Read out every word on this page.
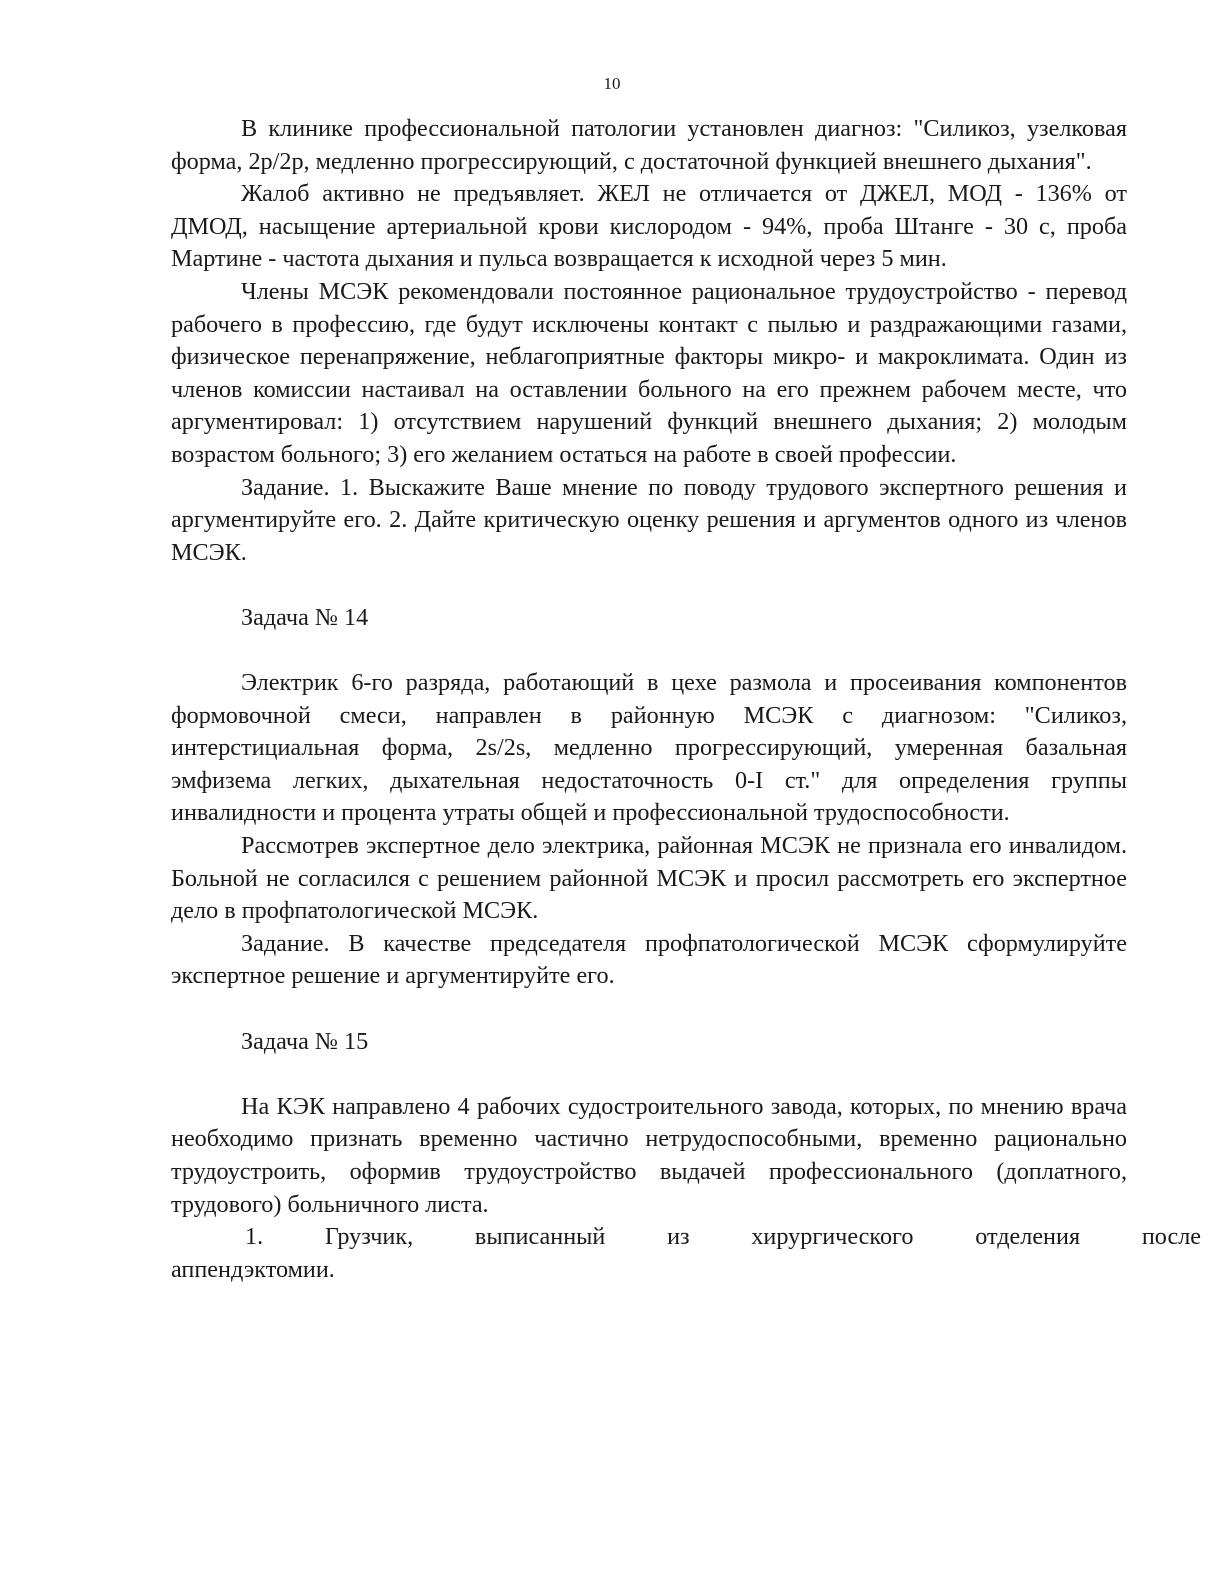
10

В клинике профессиональной патологии установлен диагноз: "Силикоз, узелковая форма, 2p/2p, медленно прогрессирующий, с достаточной функцией внешнего дыхания".

Жалоб активно не предъявляет. ЖЕЛ не отличается от ДЖЕЛ, МОД - 136% от ДМОД, насыщение артериальной крови кислородом - 94%, проба Штанге - 30 с, проба Мартине - частота дыхания и пульса возвращается к исходной через 5 мин.

Члены МСЭК рекомендовали постоянное рациональное трудоустройство - перевод рабочего в профессию, где будут исключены контакт с пылью и раздражающими газами, физическое перенапряжение, неблагоприятные факторы микро- и макроклимата. Один из членов комиссии настаивал на оставлении больного на его прежнем рабочем месте, что аргументировал: 1) отсутствием нарушений функций внешнего дыхания; 2) молодым возрастом больного; 3) его желанием остаться на работе в своей профессии.

Задание. 1. Выскажите Ваше мнение по поводу трудового экспертного решения и аргументируйте его. 2. Дайте критическую оценку решения и аргументов одного из членов МСЭК.

Задача № 14

Электрик 6-го разряда, работающий в цехе размола и просеивания компонентов формовочной смеси, направлен в районную МСЭК с диагнозом: "Силикоз, интерстициальная форма, 2s/2s, медленно прогрессирующий, умеренная базальная эмфизема легких, дыхательная недостаточность 0-I ст." для определения группы инвалидности и процента утраты общей и профессиональной трудоспособности.

Рассмотрев экспертное дело электрика, районная МСЭК не признала его инвалидом. Больной не согласился с решением районной МСЭК и просил рассмотреть его экспертное дело в профпатологической МСЭК.

Задание. В качестве председателя профпатологической МСЭК сформулируйте экспертное решение и аргументируйте его.

Задача № 15

На КЭК направлено 4 рабочих судостроительного завода, которых, по мнению врача необходимо признать временно частично нетрудоспособными, временно рационально трудоустроить, оформив трудоустройство выдачей профессионального (доплатного, трудового) больничного листа.

1.	Грузчик,	выписанный	из	хирургического	отделения	после
аппендэктомии.
